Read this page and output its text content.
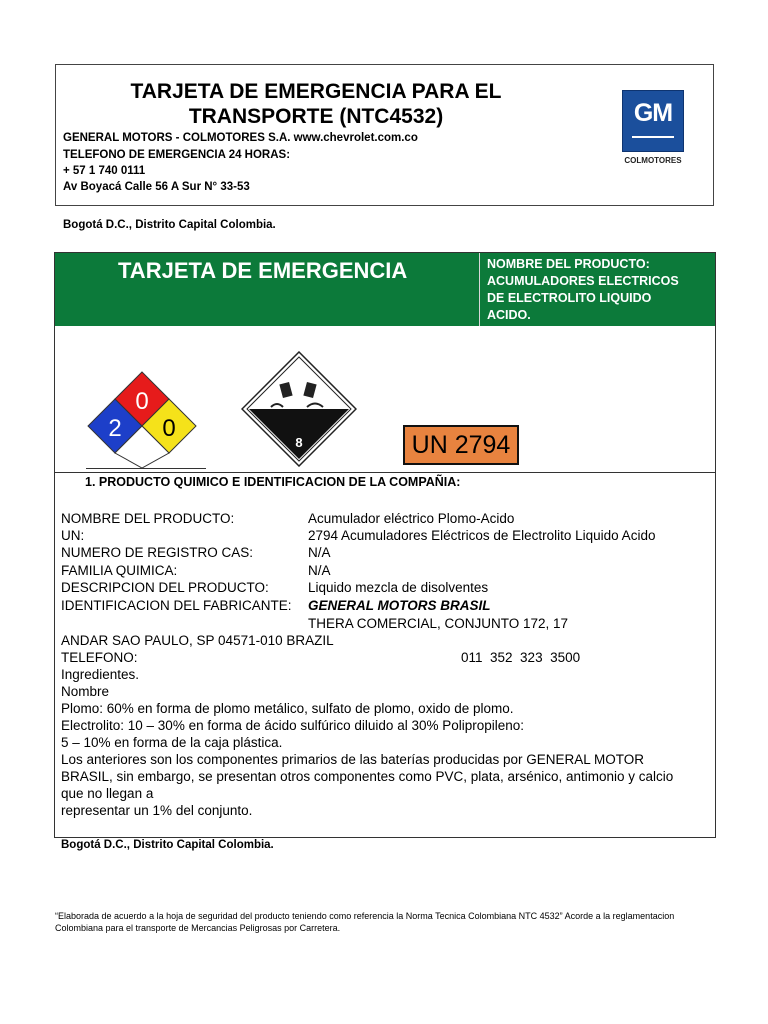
TARJETA DE EMERGENCIA PARA EL
TRANSPORTE (NTC4532)
GENERAL MOTORS - COLMOTORES S.A. www.chevrolet.com.co
TELEFONO DE EMERGENCIA 24 HORAS:
+ 57 1 740 0111
Av Boyacá Calle 56 A Sur N° 33-53
GM
COLMOTORES
Bogotá D.C., Distrito Capital Colombia.
TARJETA DE EMERGENCIA	NOMBRE DEL PRODUCTO:
ACUMULADORES ELECTRICOS
DE ELECTROLITO LIQUIDO
ACIDO.
0
2 0
8	UN 2794
1. PRODUCTO QUIMICO E IDENTIFICACION DE LA COMPAÑIA:
NOMBRE DEL PRODUCTO:	Acumulador eléctrico Plomo-Acido
UN:	2794 Acumuladores Eléctricos de Electrolito Liquido Acido
NUMERO DE REGISTRO CAS:	N/A
FAMILIA QUIMICA:	N/A
DESCRIPCION DEL PRODUCTO:	Liquido mezcla de disolventes
IDENTIFICACION DEL FABRICANTE: GENERAL MOTORS BRASIL
THERA COMERCIAL, CONJUNTO 172, 17
ANDAR SAO PAULO, SP 04571-010 BRAZIL
TELEFONO:	011  352  323  3500
Ingredientes.
Nombre
Plomo: 60% en forma de plomo metálico, sulfato de plomo, oxido de plomo.
Electrolito: 10 – 30% en forma de ácido sulfúrico diluido al 30% Polipropileno:
5 – 10% en forma de la caja plástica.
Los anteriores son los componentes primarios de las baterías producidas por GENERAL MOTOR
BRASIL, sin embargo, se presentan otros componentes como PVC, plata, arsénico, antimonio y calcio
que no llegan a
representar un 1% del conjunto.
Bogotá D.C., Distrito Capital Colombia.
“Elaborada de acuerdo a la hoja de seguridad del producto teniendo como referencia la Norma Tecnica Colombiana NTC 4532” Acorde a la reglamentacion Colombiana para el transporte de Mercancias Peligrosas por Carretera.
